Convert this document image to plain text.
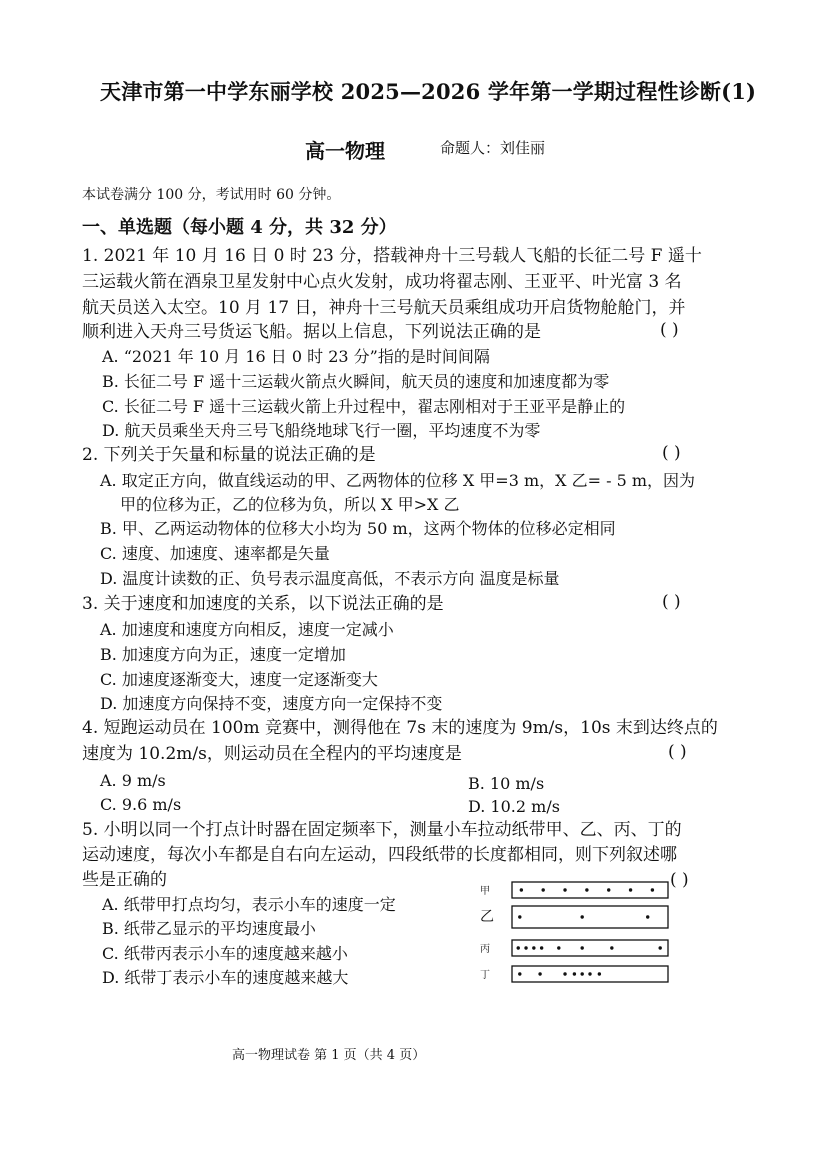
天津市第一中学东丽学校 2025—2026 学年第一学期过程性诊断(1)
高一物理	命题人：刘佳丽
本试卷满分 100 分，考试用时 60 分钟。
一、单选题（每小题 4 分，共 32 分）
1. 2021 年 10 月 16 日 0 时 23 分，搭载神舟十三号载人飞船的长征二号 F 遥十
三运载火箭在酒泉卫星发射中心点火发射，成功将翟志刚、王亚平、叶光富 3 名
航天员送入太空。10 月 17 日，神舟十三号航天员乘组成功开启货物舱舱门，并
顺利进入天舟三号货运飞船。据以上信息，下列说法正确的是	( )
A. “2021 年 10 月 16 日 0 时 23 分”指的是时间间隔
B. 长征二号 F 遥十三运载火箭点火瞬间，航天员的速度和加速度都为零
C. 长征二号 F 遥十三运载火箭上升过程中，翟志刚相对于王亚平是静止的
D. 航天员乘坐天舟三号飞船绕地球飞行一圈，平均速度不为零
2. 下列关于矢量和标量的说法正确的是	( )
A. 取定正方向，做直线运动的甲、乙两物体的位移 X 甲=3 m，X 乙= - 5 m，因为
甲的位移为正，乙的位移为负，所以 X 甲>X 乙
B. 甲、乙两运动物体的位移大小均为 50 m，这两个物体的位移必定相同
C. 速度、加速度、速率都是矢量
D. 温度计读数的正、负号表示温度高低，不表示方向 温度是标量
3. 关于速度和加速度的关系，以下说法正确的是	( )
A. 加速度和速度方向相反，速度一定减小
B. 加速度方向为正，速度一定增加
C. 加速度逐渐变大，速度一定逐渐变大
D. 加速度方向保持不变，速度方向一定保持不变
4. 短跑运动员在 100m 竞赛中，测得他在 7s 末的速度为 9m/s，10s 末到达终点的
速度为 10.2m/s，则运动员在全程内的平均速度是	( )
A. 9 m/s	B. 10 m/s
C. 9.6 m/s	D. 10.2 m/s
5. 小明以同一个打点计时器在固定频率下，测量小车拉动纸带甲、乙、丙、丁的
运动速度，每次小车都是自右向左运动，四段纸带的长度都相同，则下列叙述哪
些是正确的	( )
A. 纸带甲打点均匀，表示小车的速度一定
B. 纸带乙显示的平均速度最小
C. 纸带丙表示小车的速度越来越小
D. 纸带丁表示小车的速度越来越大
甲
乙
丙
丁
高一物理试卷 第 1 页（共 4 页）
